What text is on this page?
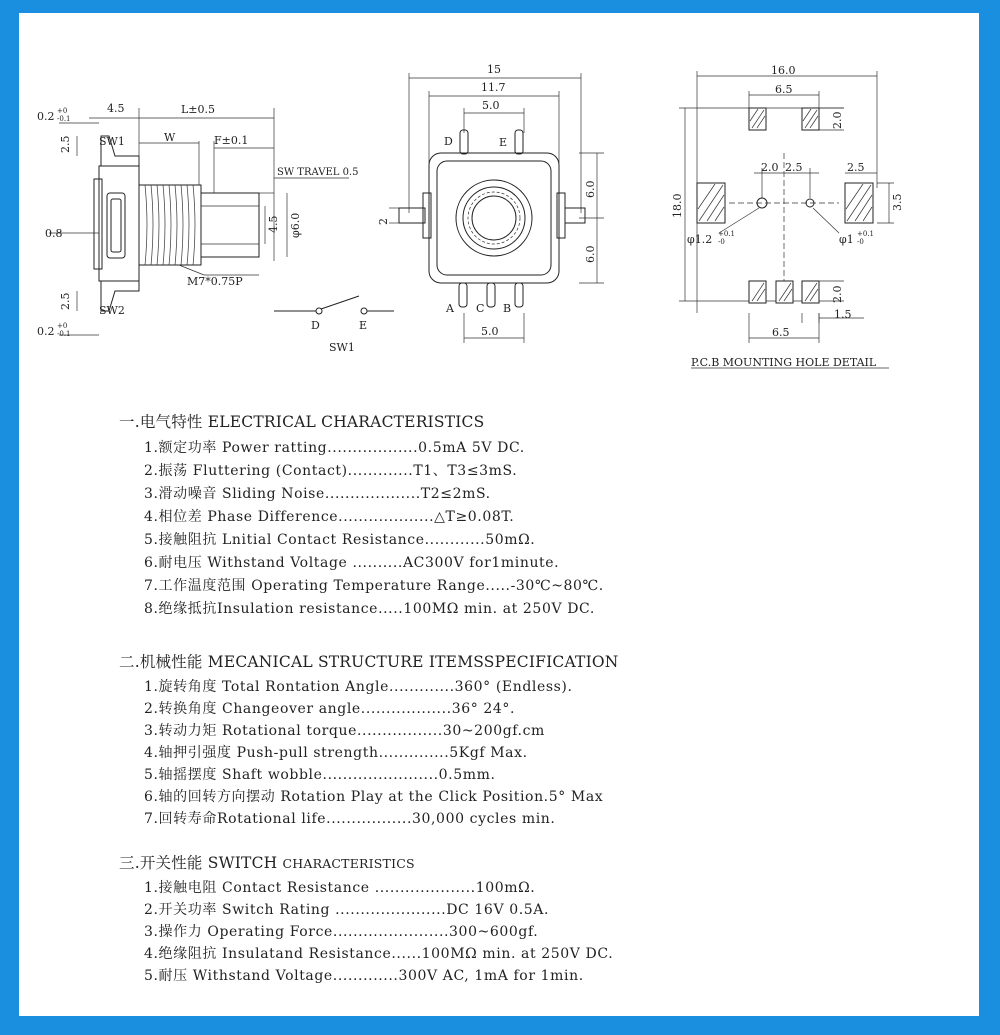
0.2 +0
-0.1
4.5	L±0.5
2.5 SW1	W	F±0.1
SW TRAVEL 0.5
0.8
4.5 φ6.0
M7*0.75P
2.5
SW2
0.2 +0
-0.1
D	E
SW1
15
11.7
5.0
D	E
2
6.0
6.0
A C B
5.0
16.0
6.5
2.0
18.0
2.0 2.5	2.5
3.5
φ1.2 +0.1
-0	φ1 +0.1
-0
2.0
1.5
6.5
P.C.B MOUNTING HOLE DETAIL
一.电气特性 ELECTRICAL CHARACTERISTICS
1.额定功率 Power ratting..................0.5mA 5V DC.
2.振荡 Fluttering (Contact).............T1、T3≤3mS.
3.滑动噪音 Sliding Noise...................T2≤2mS.
4.相位差 Phase Difference...................△T≥0.08T.
5.接触阻抗 Lnitial Contact Resistance............50mΩ.
6.耐电压 Withstand Voltage ..........AC300V for1minute.
7.工作温度范围 Operating Temperature Range.....-30℃~80℃.
8.绝缘抵抗Insulation resistance.....100MΩ min. at 250V DC.
二.机械性能 MECANICAL STRUCTURE ITEMSSPECIFICATION
1.旋转角度 Total Rontation Angle.............360° (Endless).
2.转换角度 Changeover angle..................36° 24°.
3.转动力矩 Rotational torque.................30~200gf.cm
4.轴押引强度 Push-pull strength..............5Kgf Max.
5.轴摇摆度 Shaft wobble.......................0.5mm.
6.轴的回转方向摆动 Rotation Play at the Click Position.5° Max
7.回转寿命Rotational life.................30,000 cycles min.
三.开关性能 SWITCH CHARACTERISTICS
1.接触电阻 Contact Resistance ....................100mΩ.
2.开关功率 Switch Rating ......................DC 16V 0.5A.
3.操作力 Operating Force.......................300~600gf.
4.绝缘阻抗 Insulatand Resistance......100MΩ min. at 250V DC.
5.耐压 Withstand Voltage.............300V AC, 1mA for 1min.
